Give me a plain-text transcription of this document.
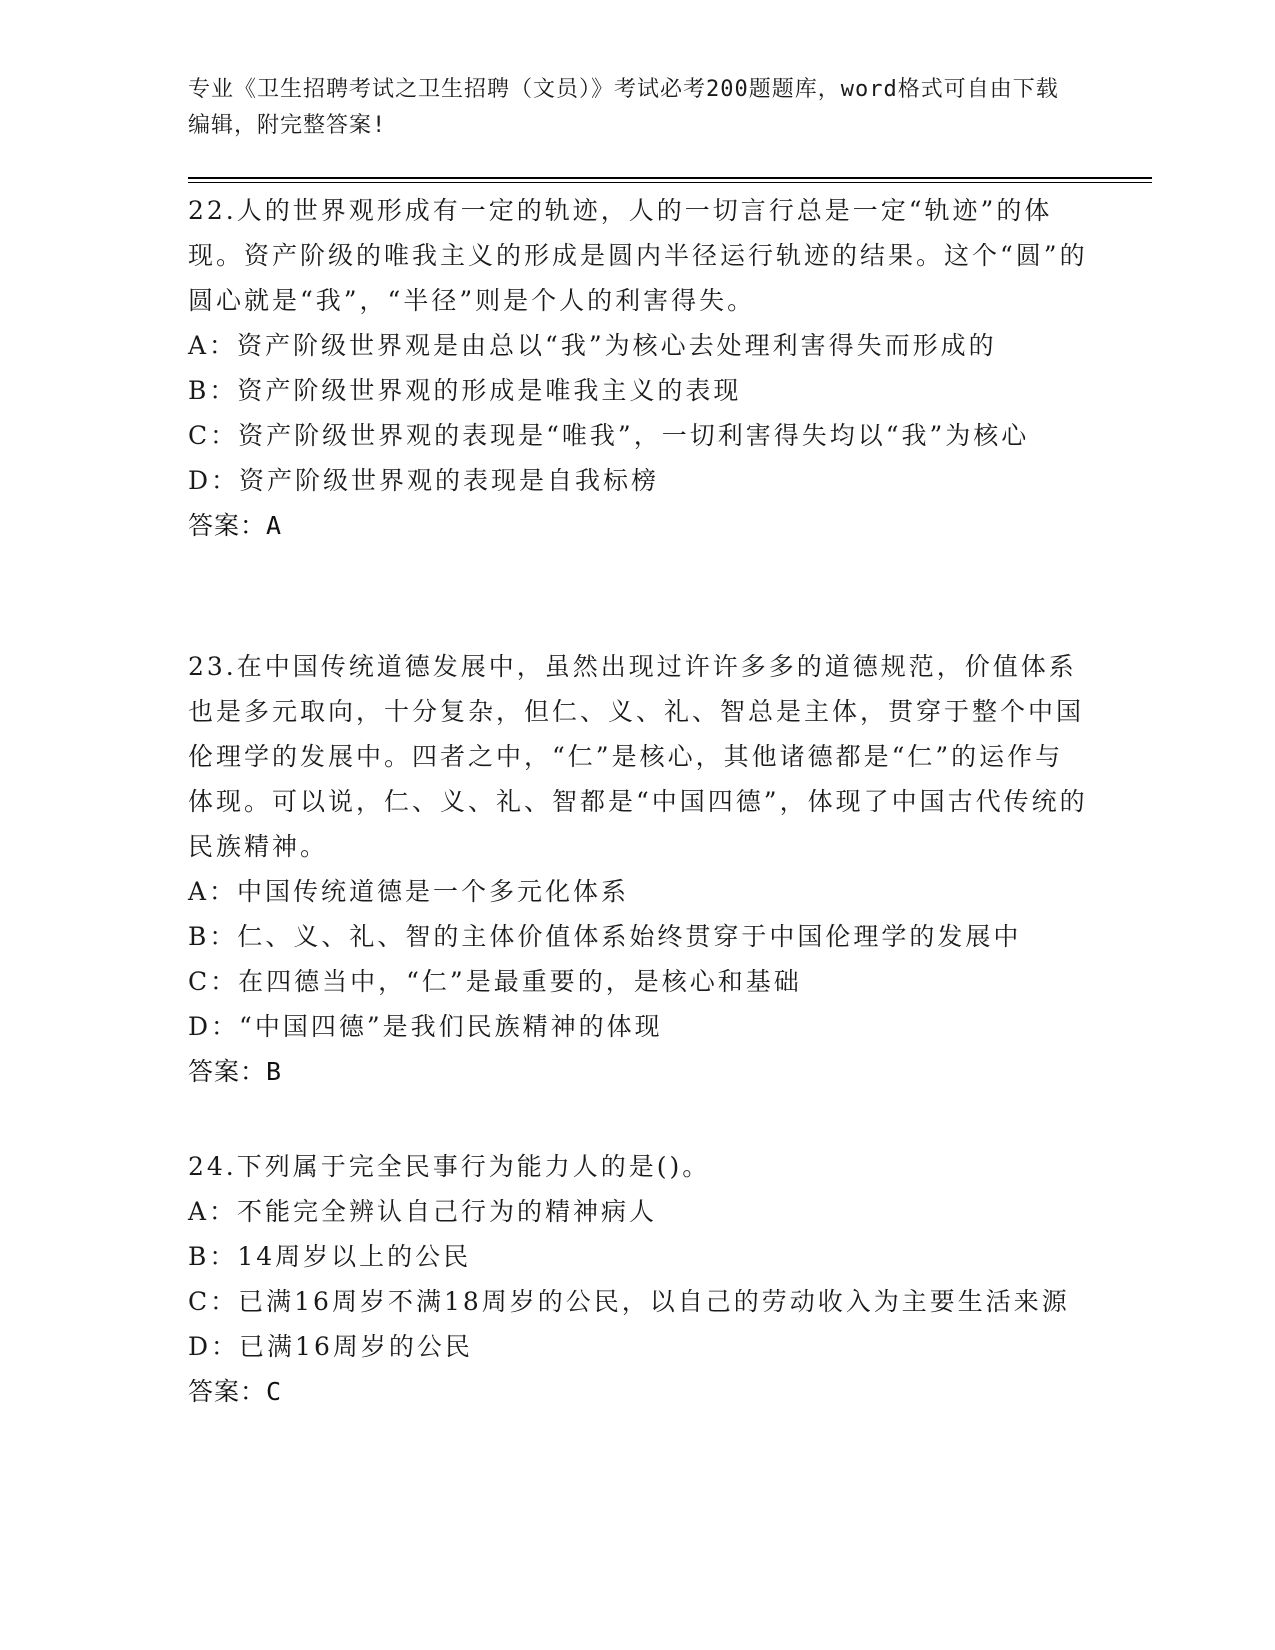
专业《卫生招聘考试之卫生招聘（文员）》考试必考200题题库，word格式可自由下载编辑，附完整答案!
22.人的世界观形成有一定的轨迹，人的一切言行总是一定“轨迹”的体现。资产阶级的唯我主义的形成是圆内半径运行轨迹的结果。这个“圆”的圆心就是“我”，“半径”则是个人的利害得失。
A：资产阶级世界观是由总以“我”为核心去处理利害得失而形成的
B：资产阶级世界观的形成是唯我主义的表现
C：资产阶级世界观的表现是“唯我”，一切利害得失均以“我”为核心
D：资产阶级世界观的表现是自我标榜
答案：A
23.在中国传统道德发展中，虽然出现过许许多多的道德规范，价值体系也是多元取向，十分复杂，但仁、义、礼、智总是主体，贯穿于整个中国伦理学的发展中。四者之中，“仁”是核心，其他诸德都是“仁”的运作与体现。可以说，仁、义、礼、智都是“中国四德”，体现了中国古代传统的民族精神。
A：中国传统道德是一个多元化体系
B：仁、义、礼、智的主体价值体系始终贯穿于中国伦理学的发展中
C：在四德当中，“仁”是最重要的，是核心和基础
D：“中国四德”是我们民族精神的体现
答案：B
24.下列属于完全民事行为能力人的是()。
A：不能完全辨认自己行为的精神病人
B：14周岁以上的公民
C：已满16周岁不满18周岁的公民，以自己的劳动收入为主要生活来源
D：已满16周岁的公民
答案：C
